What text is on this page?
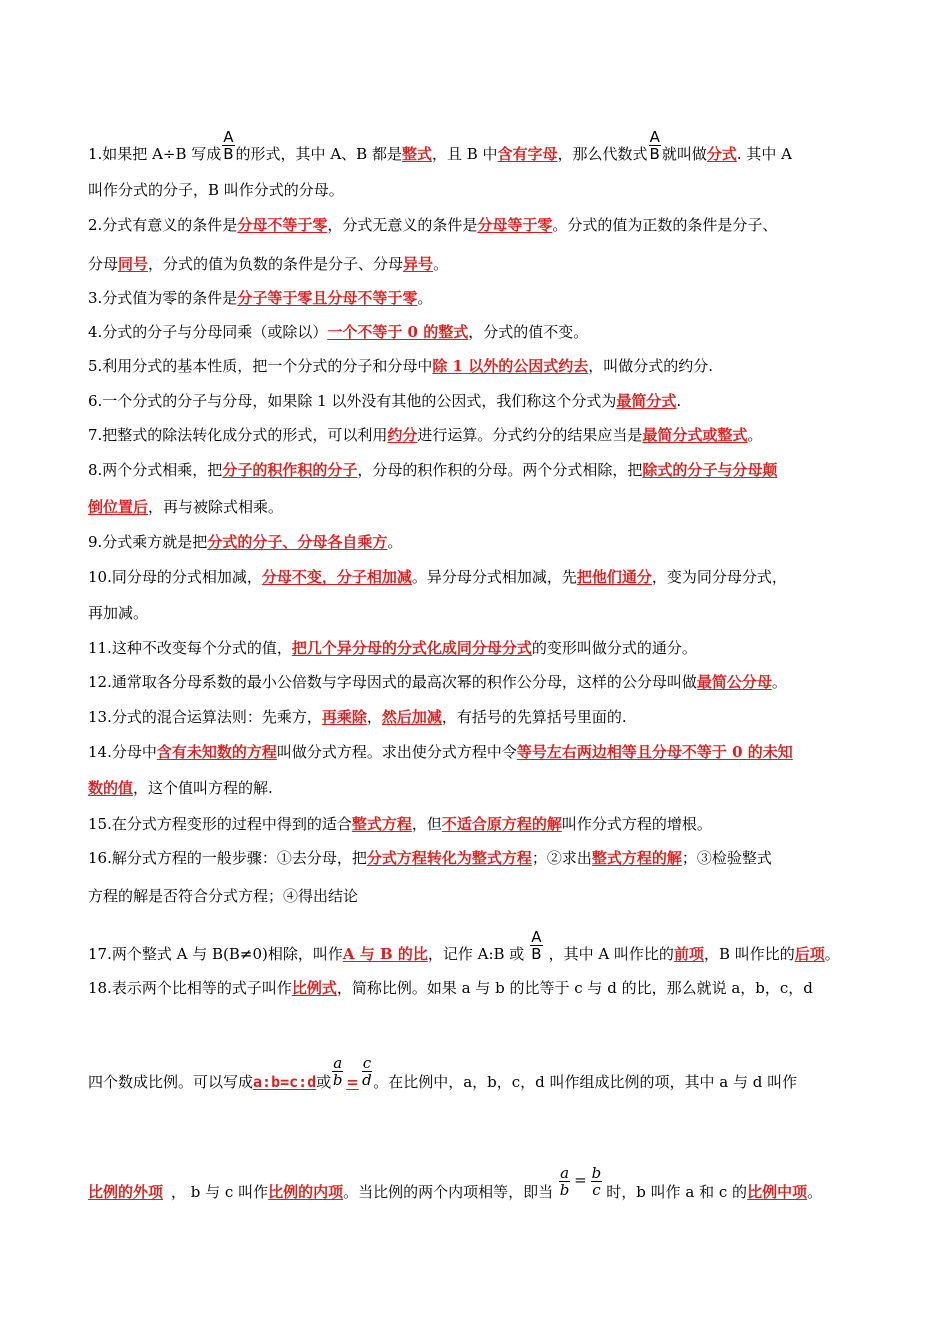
1.如果把 A÷B 写成 $\frac{A}{B}$ 的形式，其中 A、B 都是 整式 ，且 B 中 含有字母 ，那么代数式 $\frac{A}{B}$ 就叫做 分式 . 其中 A
叫作分式的分子，B 叫作分式的分母。
2.分式有意义的条件是分母不等于零，分式无意义的条件是分母等于零。分式的值为正数的条件是分子、
分母同号，分式的值为负数的条件是分子、分母异号。
3.分式值为零的条件是分子等于零且分母不等于零。
4.分式的分子与分母同乘（或除以）一个不等于 0 的整式，分式的值不变。
5.利用分式的基本性质，把一个分式的分子和分母中除 1 以外的公因式约去，叫做分式的约分.
6.一个分式的分子与分母，如果除 1 以外没有其他的公因式，我们称这个分式为最简分式.
7.把整式的除法转化成分式的形式，可以利用约分进行运算。分式约分的结果应当是最简分式或整式。
8.两个分式相乘，把分子的积作积的分子，分母的积作积的分母。两个分式相除，把除式的分子与分母颠
倒位置后，再与被除式相乘。
9.分式乘方就是把分式的分子、分母各自乘方。
10.同分母的分式相加减，分母不变，分子相加减。异分母分式相加减，先把他们通分，变为同分母分式，
再加减。
11.这种不改变每个分式的值，把几个异分母的分式化成同分母分式的变形叫做分式的通分。
12.通常取各分母系数的最小公倍数与字母因式的最高次幂的积作公分母，这样的公分母叫做最简公分母。
13.分式的混合运算法则：先乘方，再乘除，然后加减，有括号的先算括号里面的.
14.分母中含有未知数的方程叫做分式方程。求出使分式方程中令等号左右两边相等且分母不等于 0 的未知
数的值，这个值叫方程的解.
15.在分式方程变形的过程中得到的适合整式方程，但不适合原方程的解叫作分式方程的增根。
16.解分式方程的一般步骤：①去分母，把分式方程转化为整式方程；②求出整式方程的解；③检验整式
方程的解是否符合分式方程；④得出结论
17.两个整式 A 与 B(B≠0)相除，叫作 A 与 B 的比 ，记作 A:B 或 $\frac{A}{B}$ ，其中 A 叫作比的 前项 ，B 叫作比的 后项 。
18.表示两个比相等的式子叫作比例式，简称比例。如果 a 与 b 的比等于 c 与 d 的比，那么就说 a，b，c，d
四个数成比例。可以写成 a:b=c:d 或 $\frac{a}{b} = \frac{c}{d}$ 。在比例中，a，b，c，d 叫作组成比例的项，其中 a 与 d 叫作
比例的外项 ， b 与 c 叫作 比例的内项 。当比例的两个内项相等，即当 $\frac{a}{b} = \frac{b}{c}$ 时，b 叫作 a 和 c 的 比例中项 。
